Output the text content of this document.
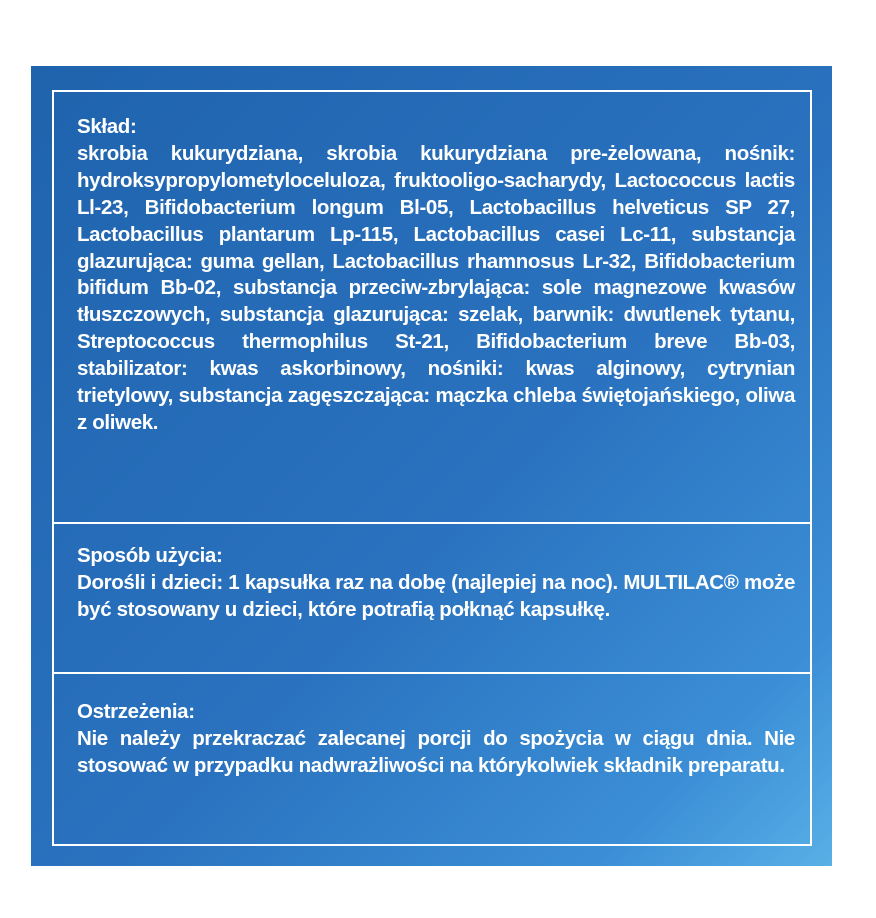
Skład:
skrobia kukurydziana, skrobia kukurydziana pre-żelowana, nośnik: hydroksypropylometyloceluloza, fruktooligo-sacharydy, Lactococcus lactis Ll-23, Bifidobacterium longum Bl-05, Lactobacillus helveticus SP 27, Lactobacillus plantarum Lp-115, Lactobacillus casei Lc-11, substancja glazurująca: guma gellan, Lactobacillus rhamnosus Lr-32, Bifidobacterium bifidum Bb-02, substancja przeciw-zbrylająca: sole magnezowe kwasów tłuszczowych, substancja glazurująca: szelak, barwnik: dwutlenek tytanu, Streptococcus thermophilus St-21, Bifidobacterium breve Bb-03, stabilizator: kwas askorbinowy, nośniki: kwas alginowy, cytrynian trietylowy, substancja zagęszczająca: mączka chleba świętojańskiego, oliwa z oliwek.
Sposób użycia:
Dorośli i dzieci: 1 kapsułka raz na dobę (najlepiej na noc). MULTILAC® może być stosowany u dzieci, które potrafią połknąć kapsułkę.
Ostrzeżenia:
Nie należy przekraczać zalecanej porcji do spożycia w ciągu dnia. Nie stosować w przypadku nadwrażliwości na którykolwiek składnik preparatu.
